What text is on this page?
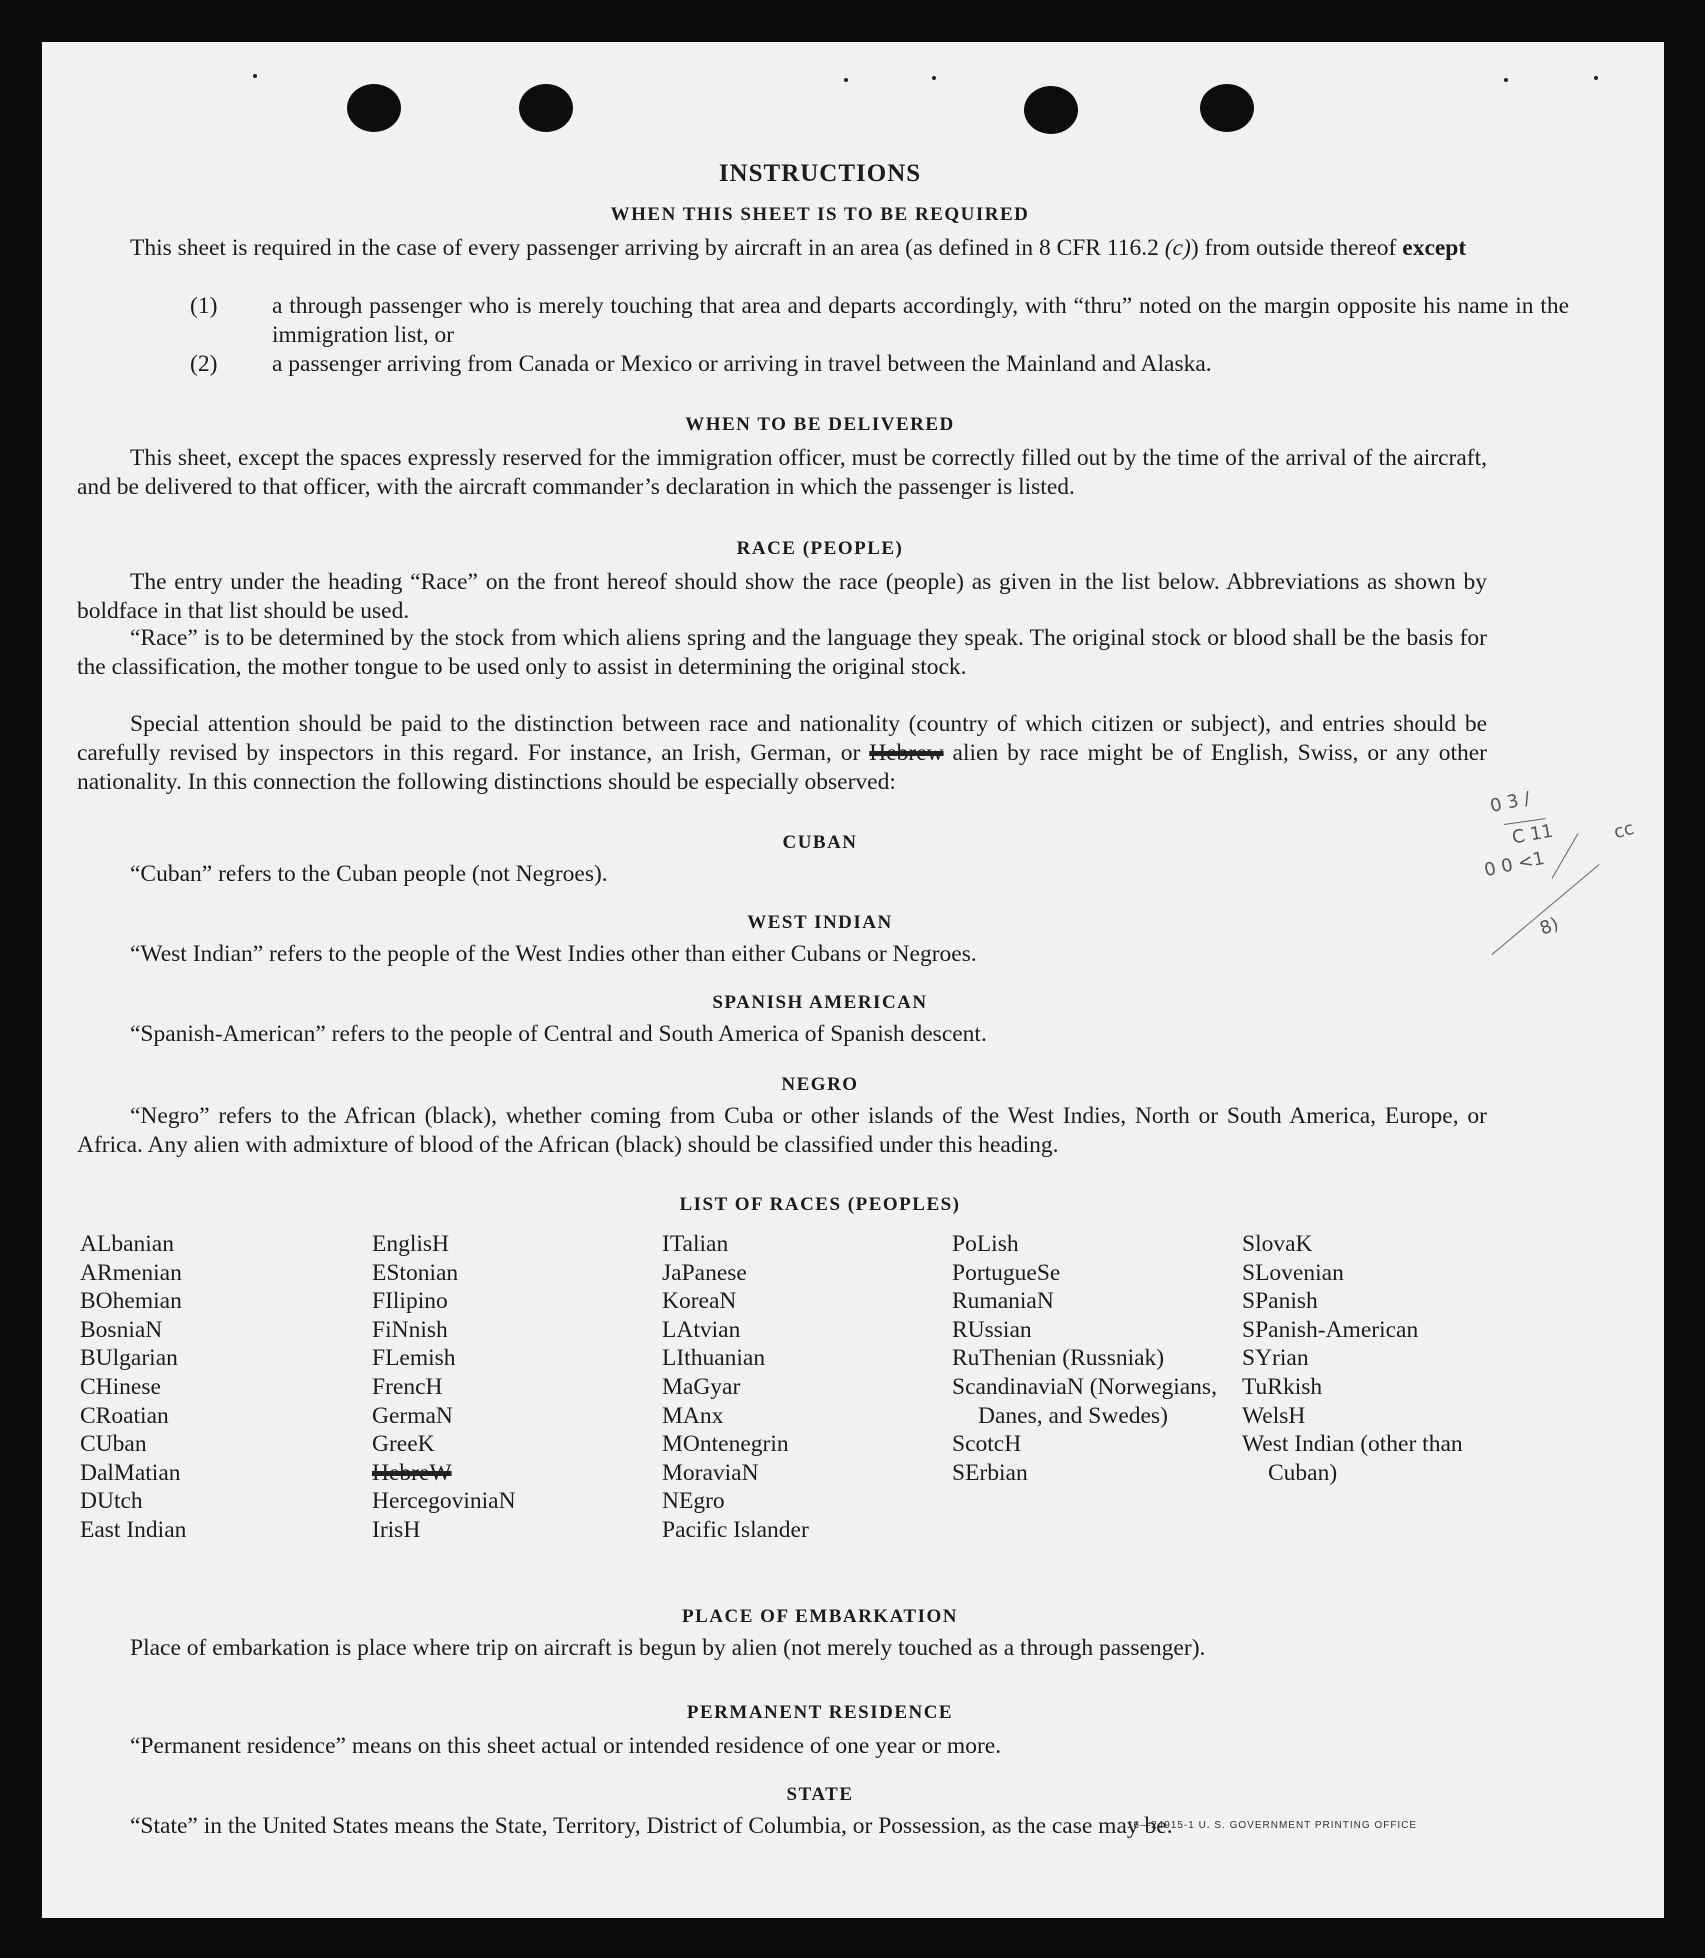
INSTRUCTIONS
WHEN THIS SHEET IS TO BE REQUIRED
This sheet is required in the case of every passenger arriving by aircraft in an area (as defined in 8 CFR 116.2 (c)) from outside thereof except
(1) a through passenger who is merely touching that area and departs accordingly, with “thru” noted on the margin opposite his name in the immigration list, or
(2) a passenger arriving from Canada or Mexico or arriving in travel between the Mainland and Alaska.
WHEN TO BE DELIVERED
This sheet, except the spaces expressly reserved for the immigration officer, must be correctly filled out by the time of the arrival of the aircraft, and be delivered to that officer, with the aircraft commander’s declaration in which the passenger is listed.
RACE (PEOPLE)
The entry under the heading “Race” on the front hereof should show the race (people) as given in the list below. Abbreviations as shown by boldface in that list should be used.
“Race” is to be determined by the stock from which aliens spring and the language they speak. The original stock or blood shall be the basis for the classification, the mother tongue to be used only to assist in determining the original stock.
Special attention should be paid to the distinction between race and nationality (country of which citizen or subject), and entries should be carefully revised by inspectors in this regard. For instance, an Irish, German, or Hebrew alien by race might be of English, Swiss, or any other nationality. In this connection the following distinctions should be especially observed:
CUBAN
“Cuban” refers to the Cuban people (not Negroes).
WEST INDIAN
“West Indian” refers to the people of the West Indies other than either Cubans or Negroes.
SPANISH AMERICAN
“Spanish-American” refers to the people of Central and South America of Spanish descent.
NEGRO
“Negro” refers to the African (black), whether coming from Cuba or other islands of the West Indies, North or South America, Europe, or Africa. Any alien with admixture of blood of the African (black) should be classified under this heading.
LIST OF RACES (PEOPLES)
ALbanian
ARmenian
BOhemian
BosniaN
BUlgarian
CHinese
CRoatian
CUban
DalMatian
DUtch
East Indian
EnglisH
EStonian
FIlipino
FiNnish
FLemish
FrencH
GermaN
GreeK
HebreW
HercegoviniaN
IrisH
ITalian
JaPanese
KoreaN
LAtvian
LIthuanian
MaGyar
MAnx
MOntenegrin
MoraviaN
NEgro
Pacific Islander
PoLish
PortugueSe
RumaniaN
RUssian
RuThenian (Russniak)
ScandinaviaN (Norwegians, Danes, and Swedes)
ScotcH
SErbian
SlovaK
SLovenian
SPanish
SPanish-American
SYrian
TuRkish
WelsH
West Indian (other than Cuban)
PLACE OF EMBARKATION
Place of embarkation is place where trip on aircraft is begun by alien (not merely touched as a through passenger).
PERMANENT RESIDENCE
“Permanent residence” means on this sheet actual or intended residence of one year or more.
STATE
“State” in the United States means the State, Territory, District of Columbia, or Possession, as the case may be.
16—24915-1 U. S. GOVERNMENT PRINTING OFFICE
0 3 /
C 11
0 0 <1
cc
8)
